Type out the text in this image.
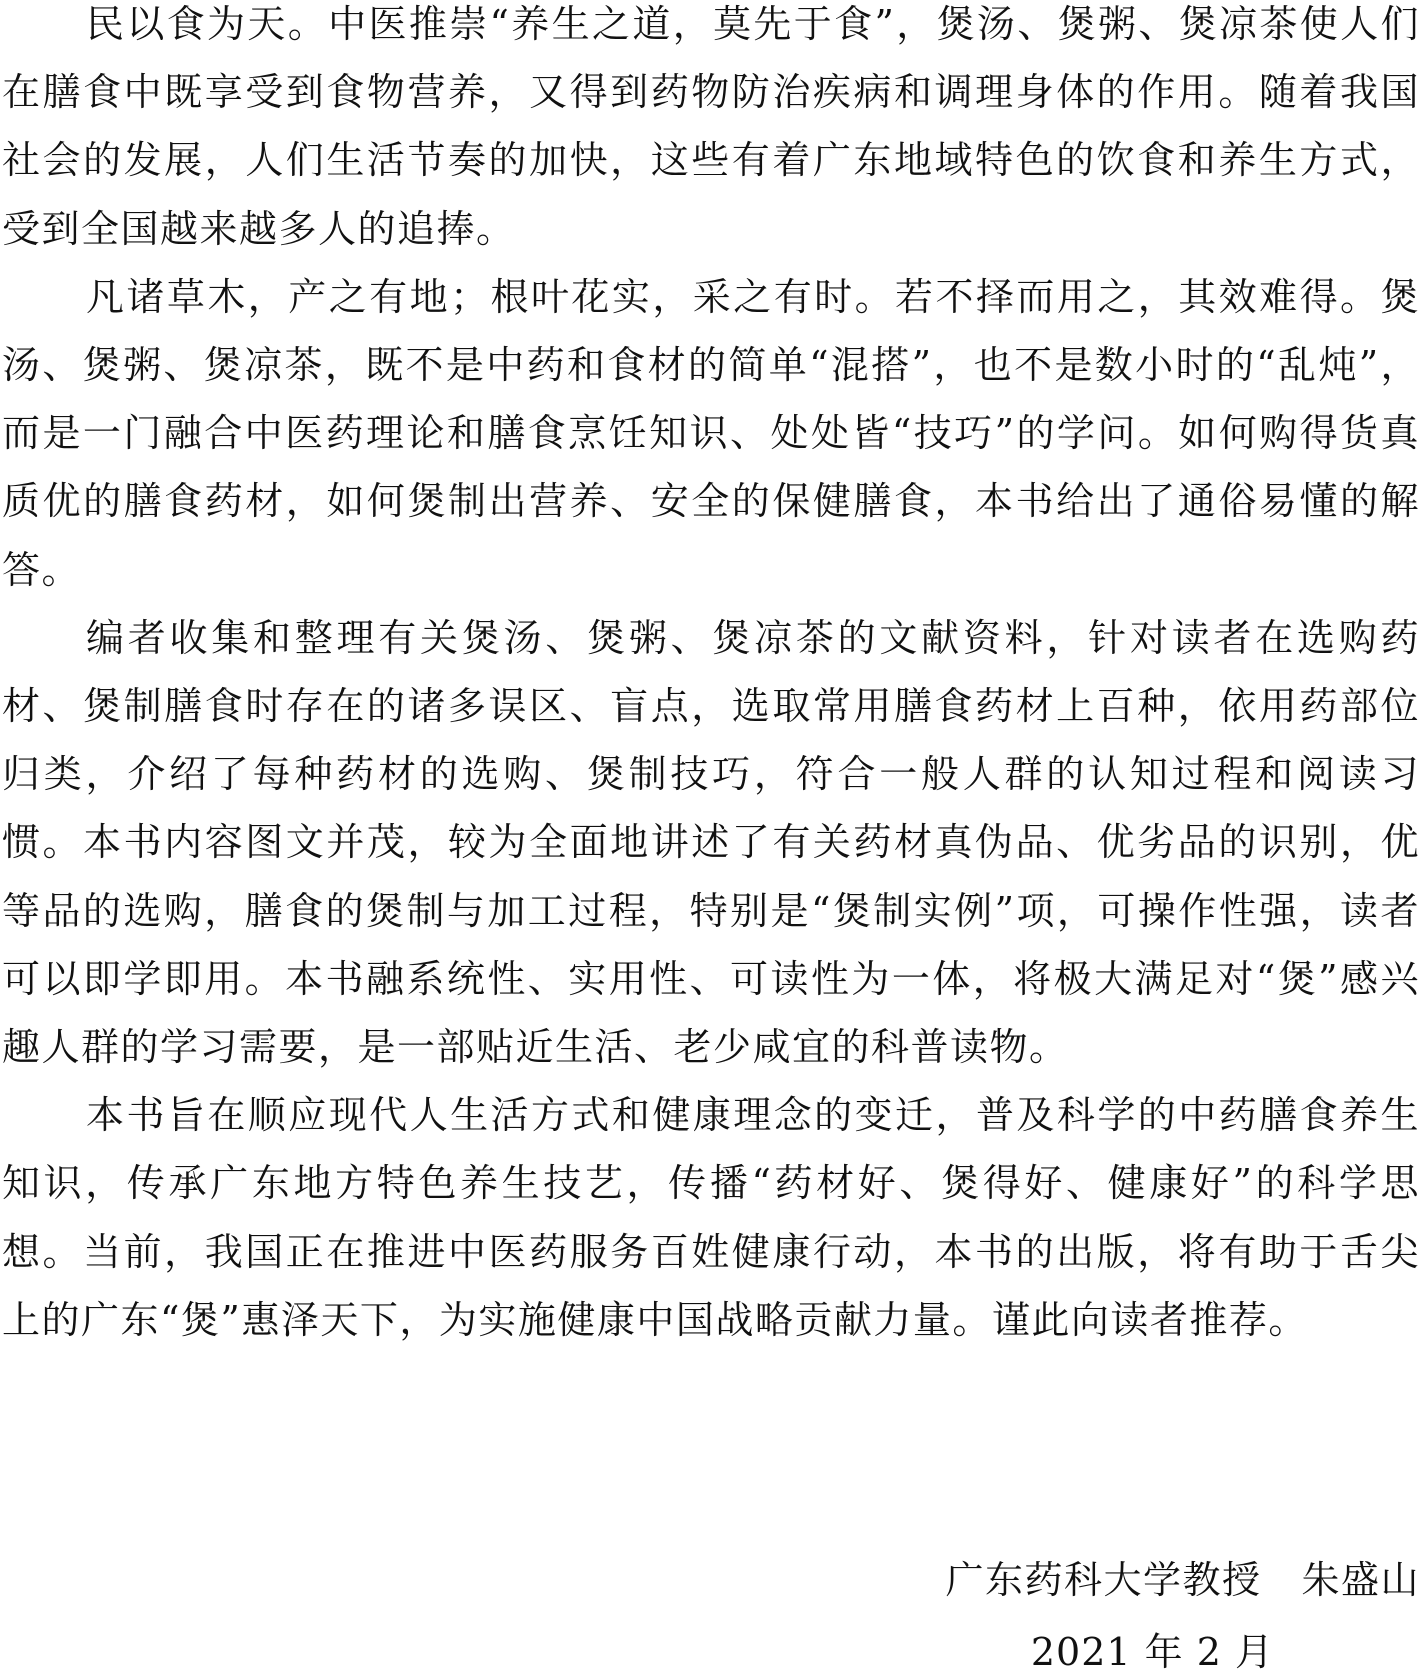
民以食为天。中医推崇“养生之道，莫先于食”，煲汤、煲粥、煲凉茶使人们在膳食中既享受到食物营养，又得到药物防治疾病和调理身体的作用。随着我国社会的发展，人们生活节奏的加快，这些有着广东地域特色的饮食和养生方式，受到全国越来越多人的追捧。

凡诸草木，产之有地；根叶花实，采之有时。若不择而用之，其效难得。煲汤、煲粥、煲凉茶，既不是中药和食材的简单“混搭”，也不是数小时的“乱炖”，而是一门融合中医药理论和膳食烹饪知识、处处皆“技巧”的学问。如何购得货真质优的膳食药材，如何煲制出营养、安全的保健膳食，本书给出了通俗易懂的解答。

编者收集和整理有关煲汤、煲粥、煲凉茶的文献资料，针对读者在选购药材、煲制膳食时存在的诸多误区、盲点，选取常用膳食药材上百种，依用药部位归类，介绍了每种药材的选购、煲制技巧，符合一般人群的认知过程和阅读习惯。本书内容图文并茂，较为全面地讲述了有关药材真伪品、优劣品的识别，优等品的选购，膳食的煲制与加工过程，特别是“煲制实例”项，可操作性强，读者可以即学即用。本书融系统性、实用性、可读性为一体，将极大满足对“煲”感兴趣人群的学习需要，是一部贴近生活、老少咸宜的科普读物。

本书旨在顺应现代人生活方式和健康理念的变迁，普及科学的中药膳食养生知识，传承广东地方特色养生技艺，传播“药材好、煲得好、健康好”的科学思想。当前，我国正在推进中医药服务百姓健康行动，本书的出版，将有助于舌尖上的广东“煲”惠泽天下，为实施健康中国战略贡献力量。谨此向读者推荐。

广东药科大学教授 朱盛山
2021 年 2 月
